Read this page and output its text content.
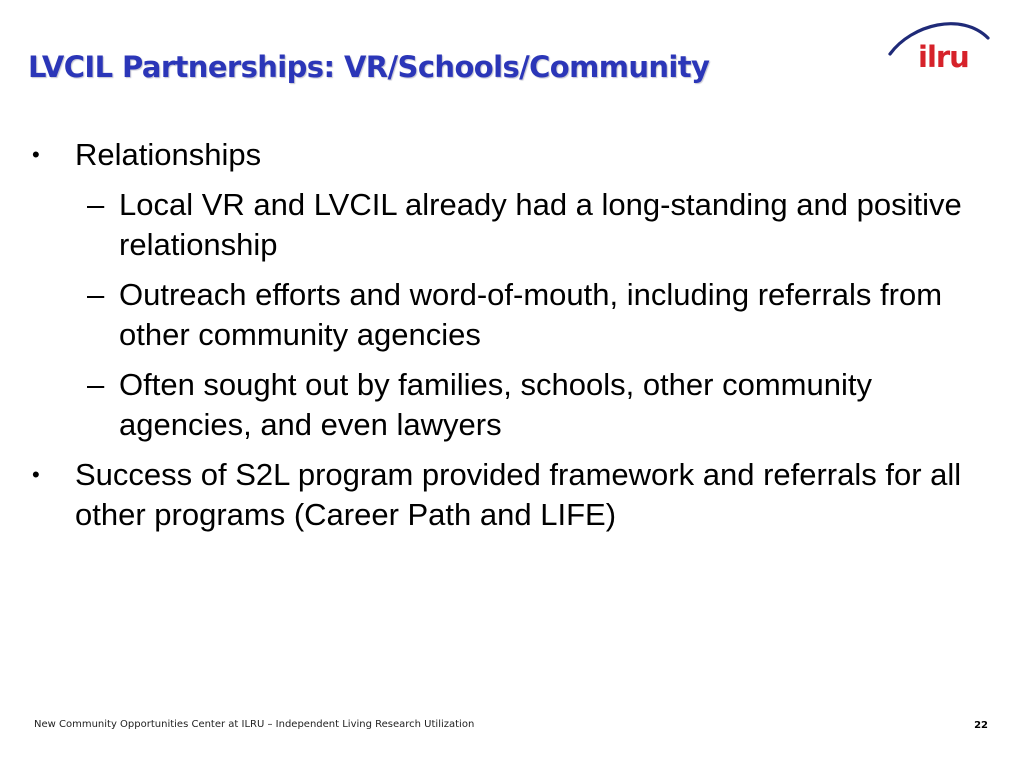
LVCIL Partnerships: VR/Schools/Community	ilru
•	Relationships
– Local VR and LVCIL already had a long-standing and positive relationship
– Outreach efforts and word-of-mouth, including referrals from other community agencies
– Often sought out by families, schools, other community agencies, and even lawyers
•	Success of S2L program provided framework and referrals for all other programs (Career Path and LIFE)
New Community Opportunities Center at ILRU – Independent Living Research Utilization	22
